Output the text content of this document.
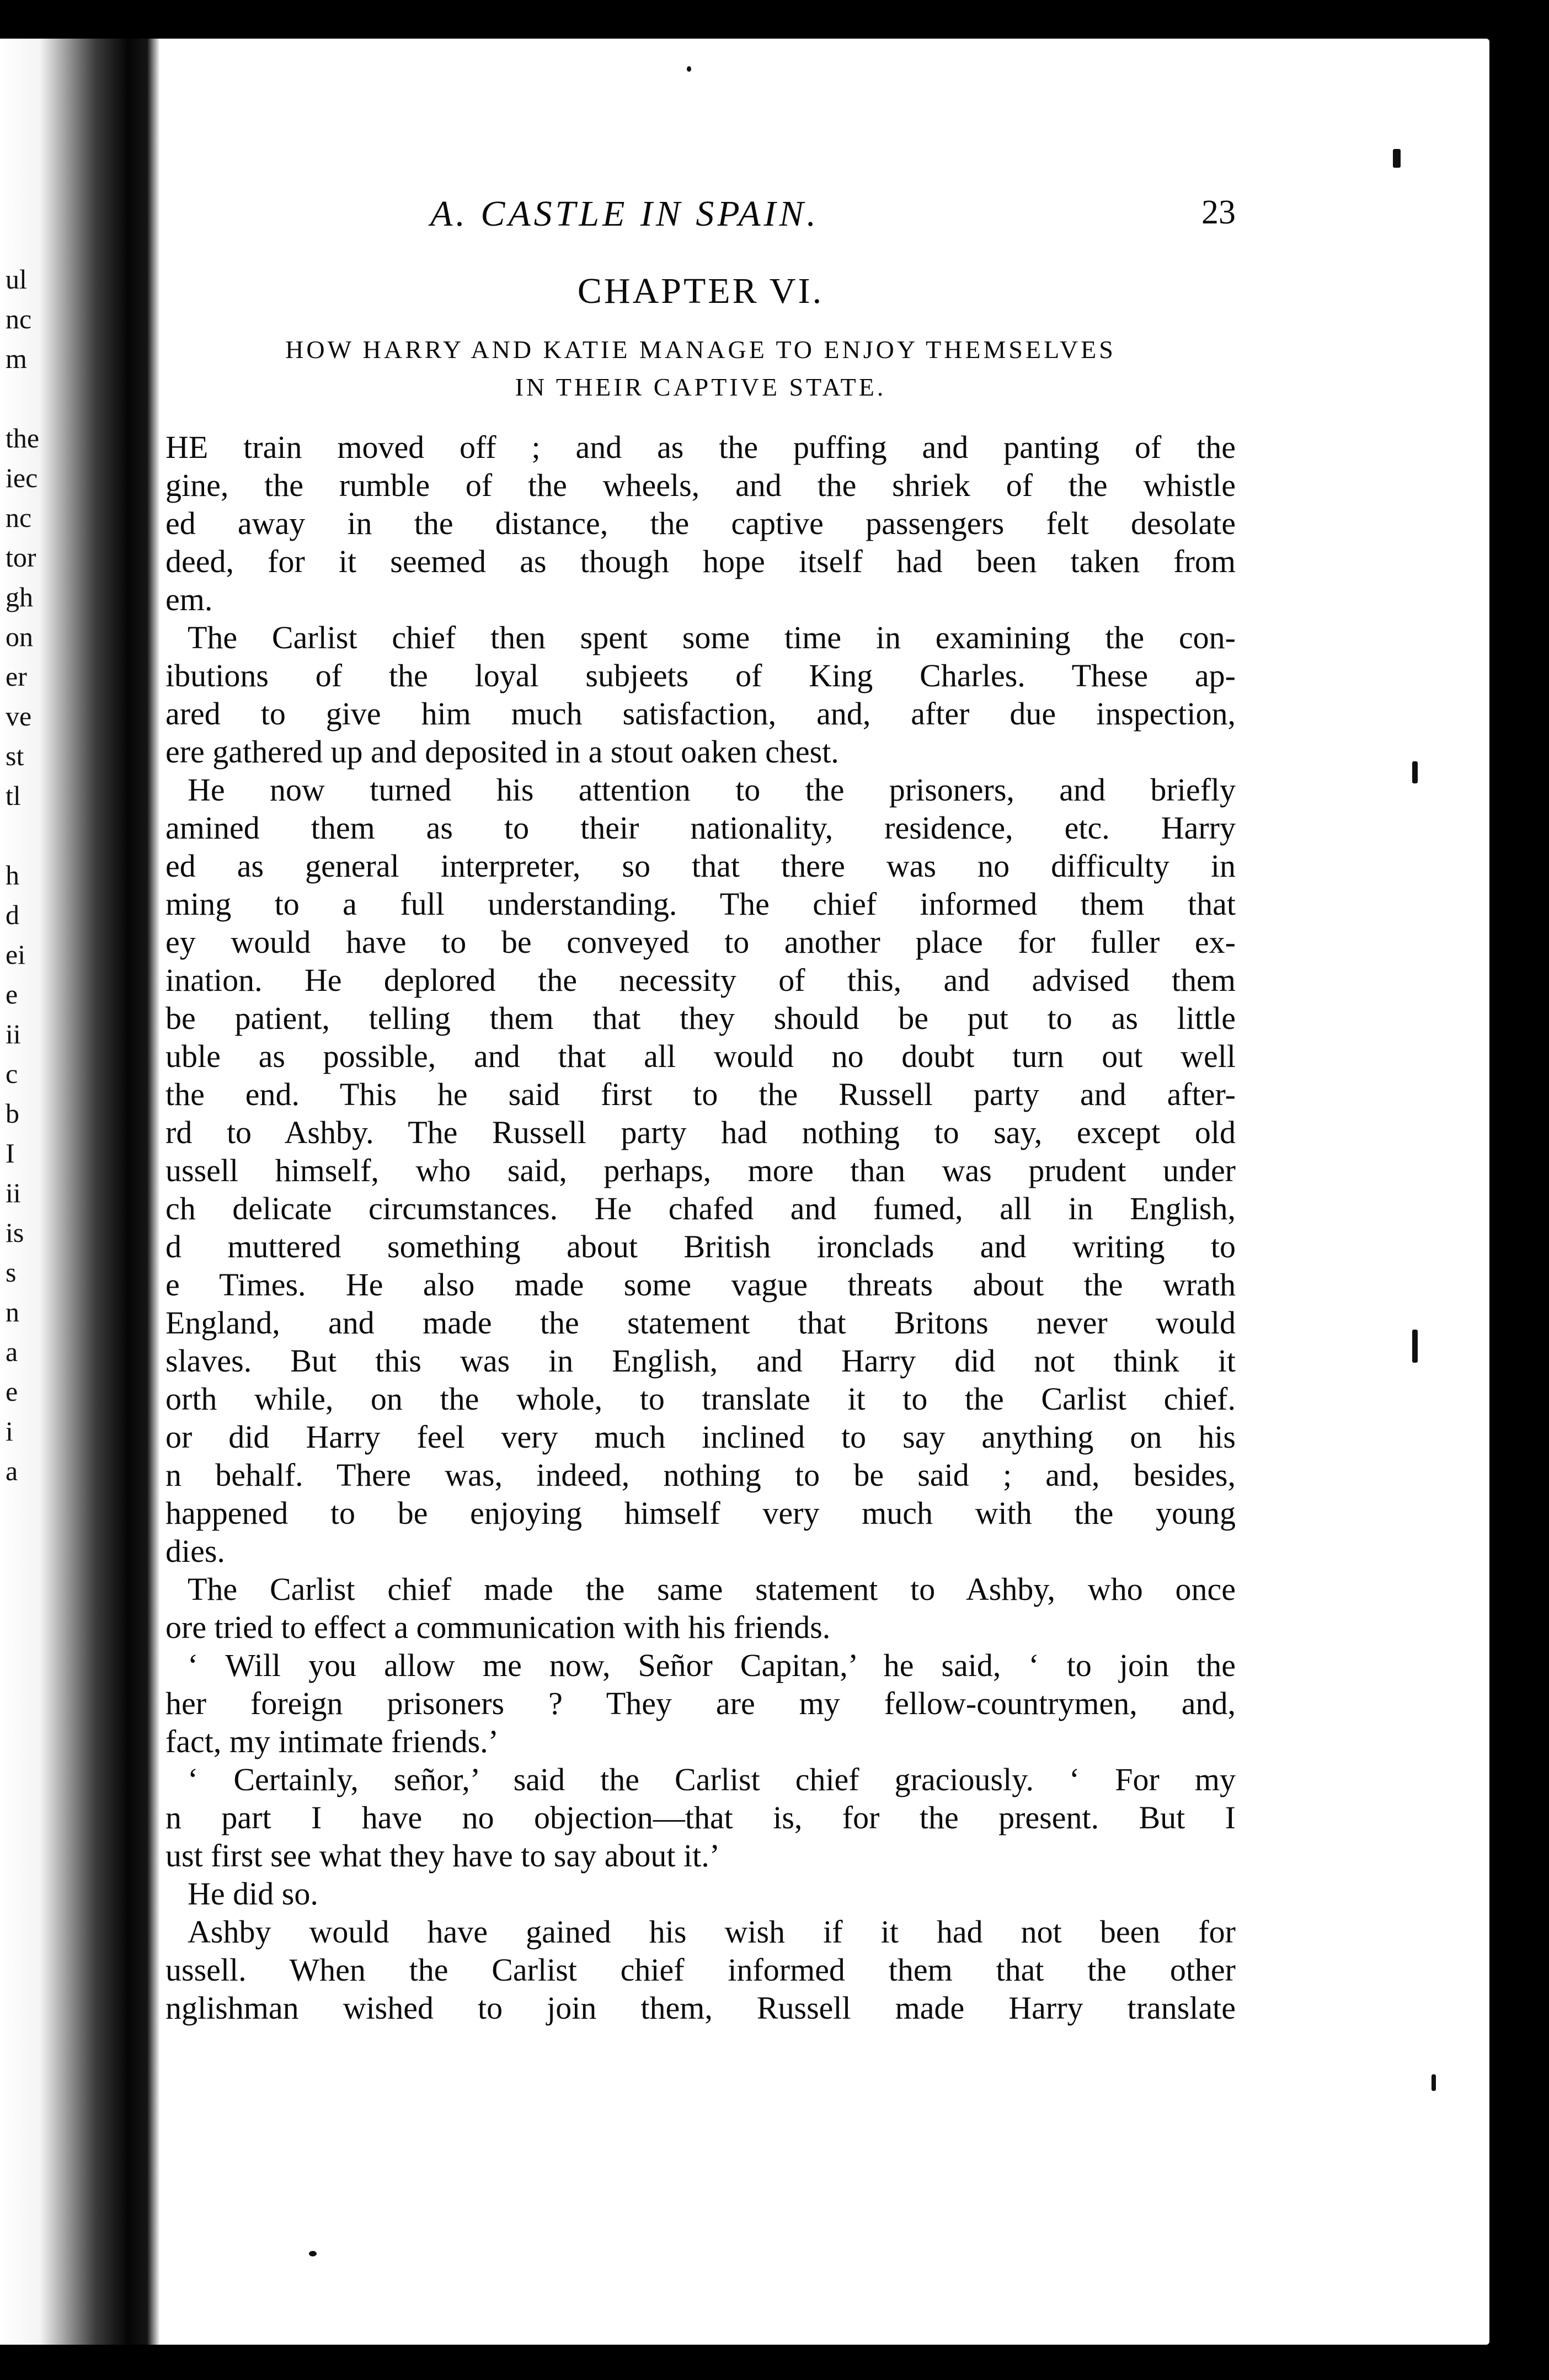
ul
nc
m
the
iec
nc
tor
gh
on
er
ve
st
tl
h
d
ei
e
ii
c
b
I
ii
is
s
n
a
e
i
a
A. CASTLE IN SPAIN.	23
CHAPTER VI.
HOW HARRY AND KATIE MANAGE TO ENJOY THEMSELVES
IN THEIR CAPTIVE STATE.
HE train moved off ; and as the puffing and panting of the
gine, the rumble of the wheels, and the shriek of the whistle
ed away in the distance, the captive passengers felt desolate
deed, for it seemed as though hope itself had been taken from
em.
The Carlist chief then spent some time in examining the con-
ibutions of the loyal subjeets of King Charles. These ap-
ared to give him much satisfaction, and, after due inspection,
ere gathered up and deposited in a stout oaken chest.
He now turned his attention to the prisoners, and briefly
amined them as to their nationality, residence, etc. Harry
ed as general interpreter, so that there was no difficulty in
ming to a full understanding. The chief informed them that
ey would have to be conveyed to another place for fuller ex-
ination. He deplored the necessity of this, and advised them
be patient, telling them that they should be put to as little
uble as possible, and that all would no doubt turn out well
the end. This he said first to the Russell party and after-
rd to Ashby. The Russell party had nothing to say, except old
ussell himself, who said, perhaps, more than was prudent under
ch delicate circumstances. He chafed and fumed, all in English,
d muttered something about British ironclads and writing to
e Times. He also made some vague threats about the wrath
England, and made the statement that Britons never would
slaves. But this was in English, and Harry did not think it
orth while, on the whole, to translate it to the Carlist chief.
or did Harry feel very much inclined to say anything on his
n behalf. There was, indeed, nothing to be said ; and, besides,
happened to be enjoying himself very much with the young
dies.
The Carlist chief made the same statement to Ashby, who once
ore tried to effect a communication with his friends.
‘ Will you allow me now, Señor Capitan,’ he said, ‘ to join the
her foreign prisoners ? They are my fellow-countrymen, and,
fact, my intimate friends.’
‘ Certainly, señor,’ said the Carlist chief graciously. ‘ For my
n part I have no objection—that is, for the present. But I
ust first see what they have to say about it.’
He did so.
Ashby would have gained his wish if it had not been for
ussell. When the Carlist chief informed them that the other
nglishman wished to join them, Russell made Harry translate
